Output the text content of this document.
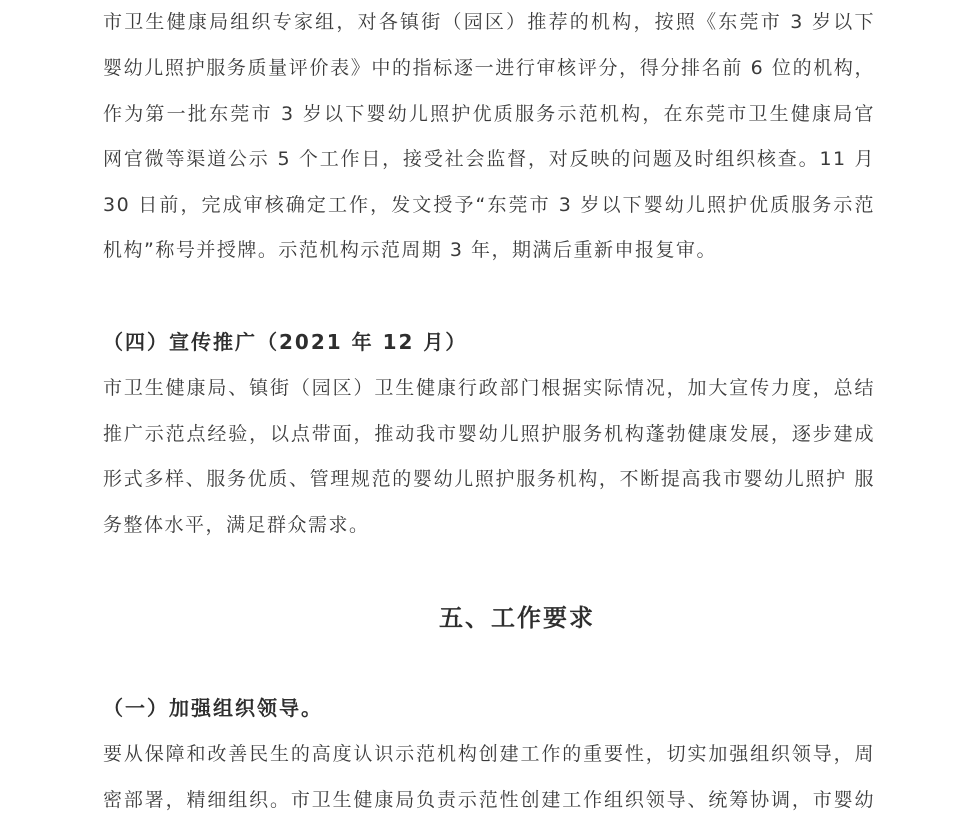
市卫生健康局组织专家组，对各镇街（园区）推荐的机构，按照《东莞市 3 岁以下
婴幼儿照护服务质量评价表》中的指标逐一进行审核评分，得分排名前 6 位的机构，
作为第一批东莞市 3 岁以下婴幼儿照护优质服务示范机构，在东莞市卫生健康局官
网官微等渠道公示 5 个工作日，接受社会监督，对反映的问题及时组织核查。11 月
30 日前，完成审核确定工作，发文授予“东莞市 3 岁以下婴幼儿照护优质服务示范
机构”称号并授牌。示范机构示范周期 3 年，期满后重新申报复审。
（四）宣传推广（2021 年 12 月）
市卫生健康局、镇街（园区）卫生健康行政部门根据实际情况，加大宣传力度，总结
推广示范点经验，以点带面，推动我市婴幼儿照护服务机构蓬勃健康发展，逐步建成
形式多样、服务优质、管理规范的婴幼儿照护服务机构，不断提高我市婴幼儿照护 服
务整体水平，满足群众需求。
五、工作要求
（一）加强组织领导。
要从保障和改善民生的高度认识示范机构创建工作的重要性，切实加强组织领导，周
密部署，精细组织。市卫生健康局负责示范性创建工作组织领导、统筹协调，市婴幼
